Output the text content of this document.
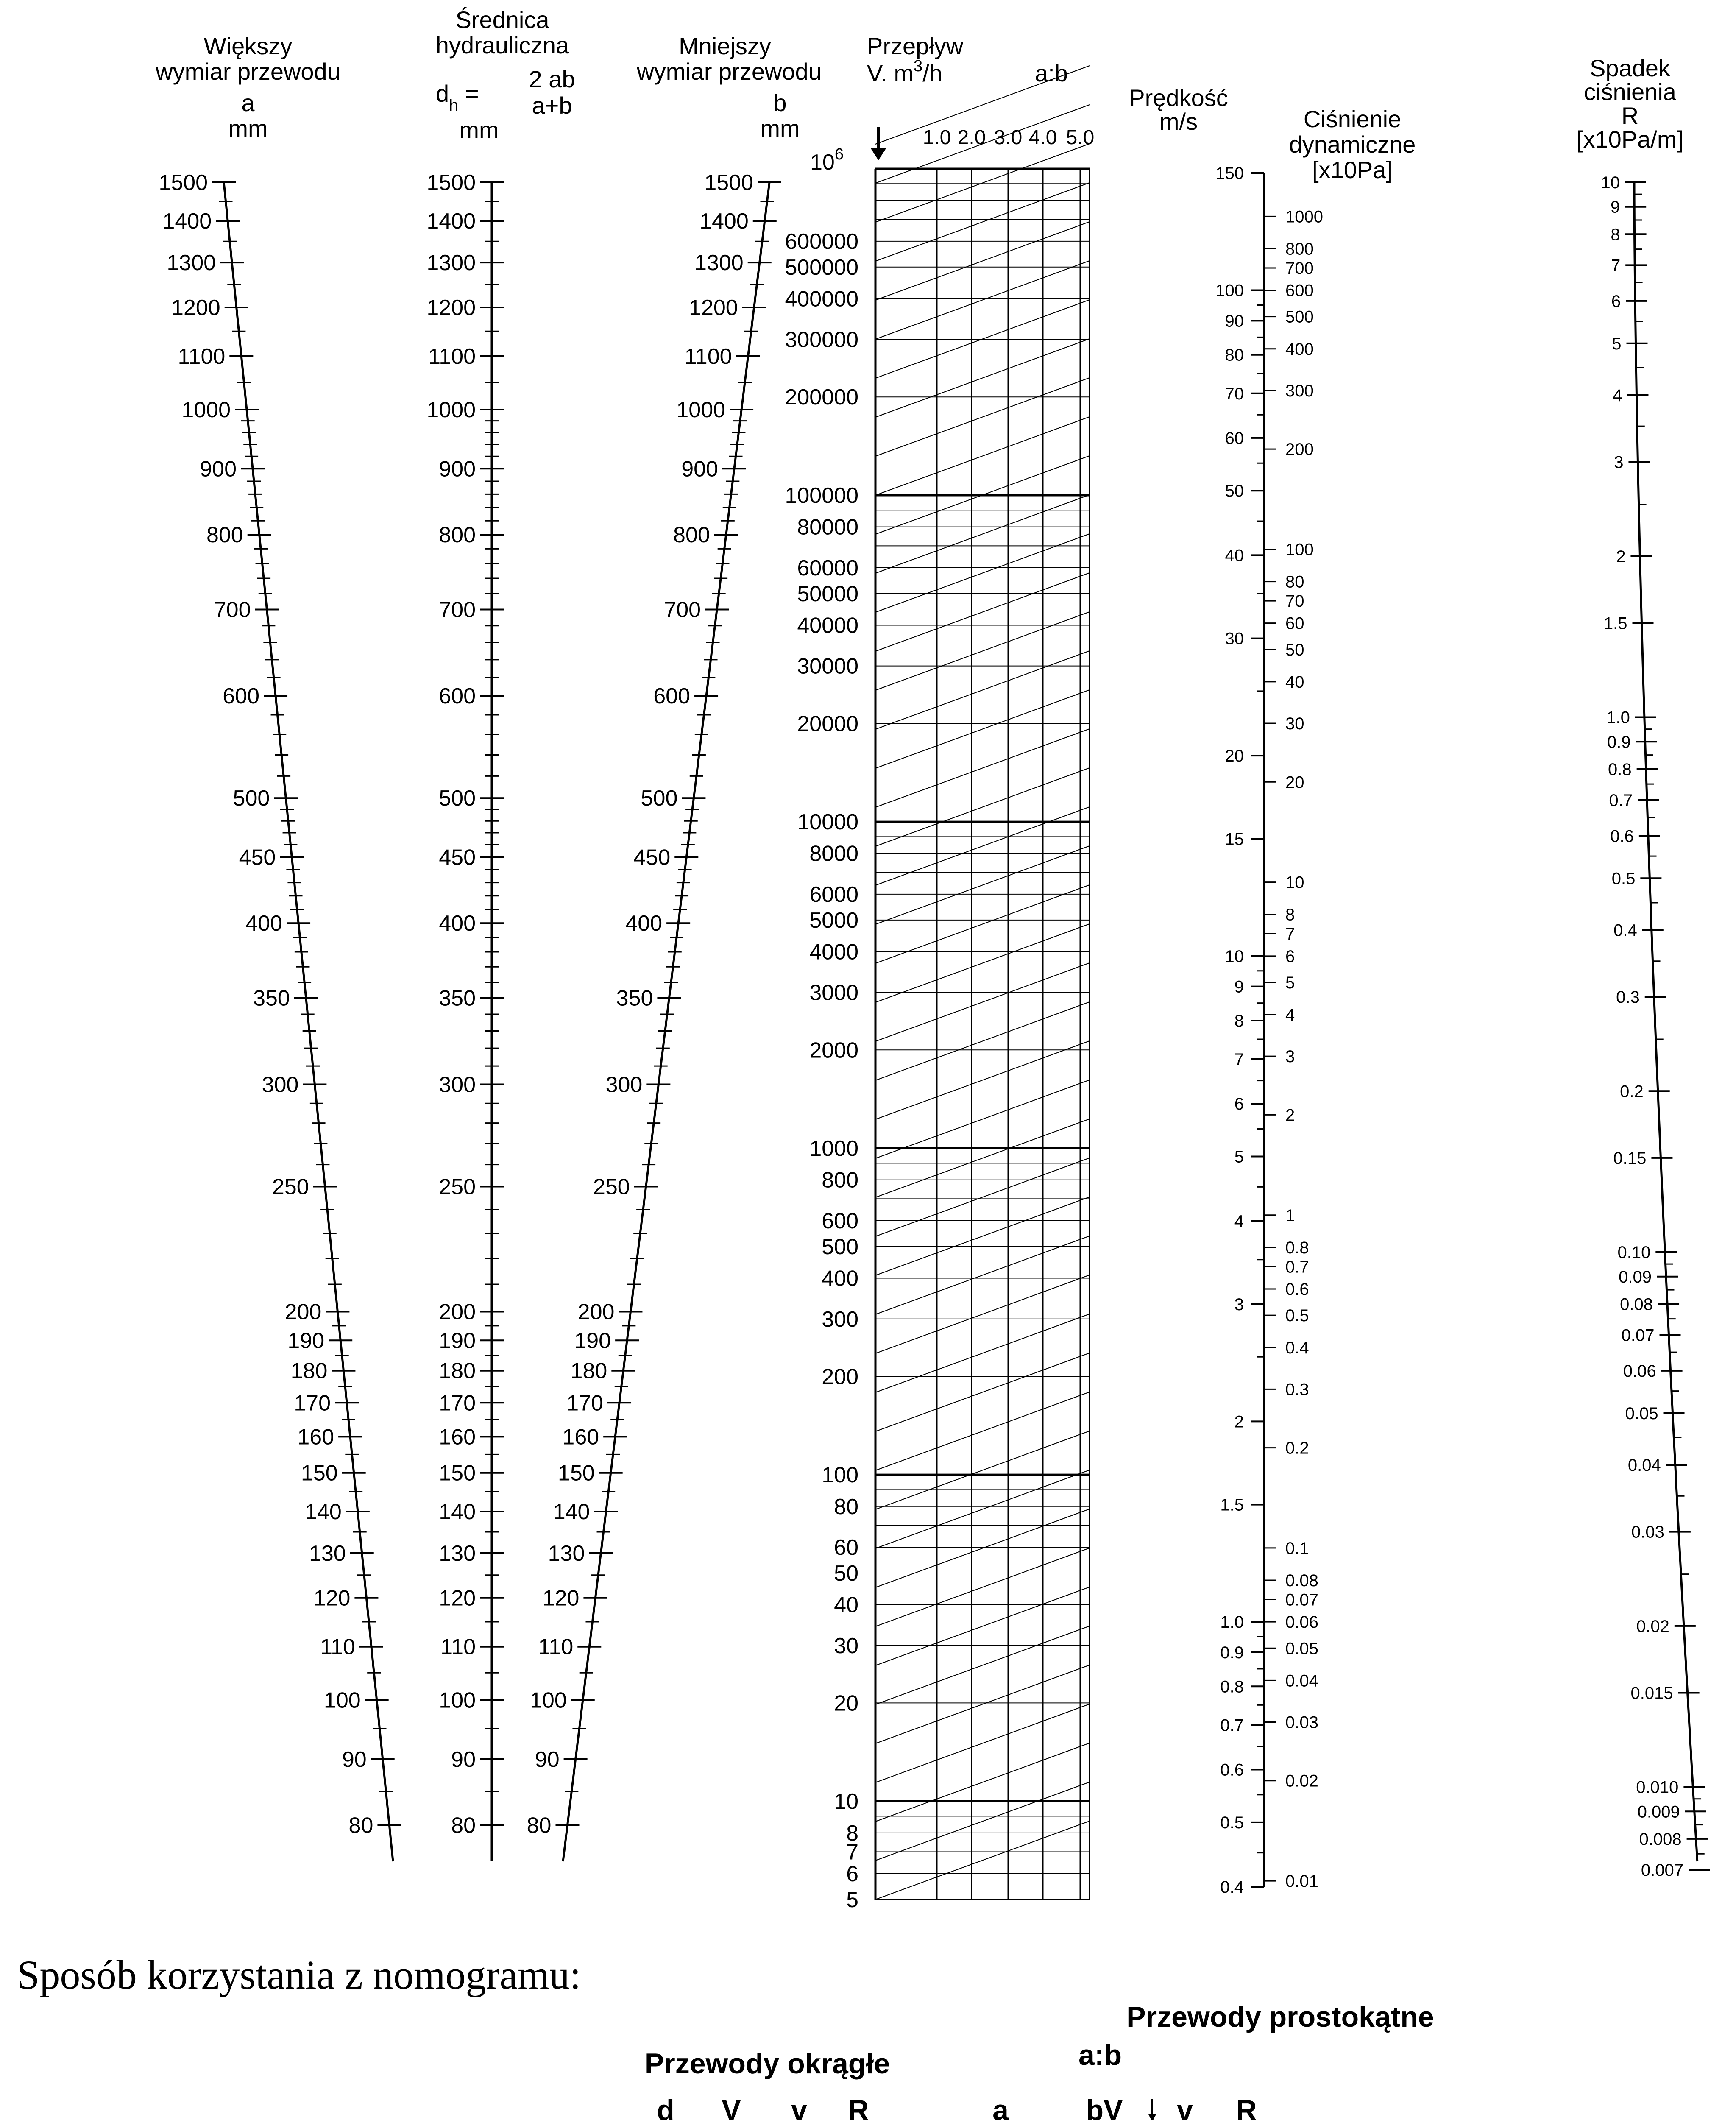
1500
1400
1300
1200
1100
1000
900
800
700
600
500
450
400
350
300
250
200
190
180
170
160
150
140
130
120
110
100
90
80
1500
1400
1300
1200
1100
1000
900
800
700
600
500
450
400
350
300
250
200
190
180
170
160
150
140
130
120
110
100
90
80
1500
1400
1300
1200
1100
1000
900
800
700
600
500
450
400
350
300
250
200
190
180
170
160
150
140
130
120
110
100
90
80
600000
500000
400000
300000
200000
100000
80000
60000
50000
40000
30000
20000
10000
8000
6000
5000
4000
3000
2000
1000
800
600
500
400
300
200
100
80
60
50
40
30
20
10
8
7
6
5
150
100
90
80
70
60
50
40
30
20
15
10
9
8
7
6
5
4
3
2
1.5
1.0
0.9
0.8
0.7
0.6
0.5
0.4
1000
800
700
600
500
400
300
200
100
80
70
60
50
40
30
20
10
8
7
6
5
4
3
2
1
0.8
0.7
0.6
0.5
0.4
0.3
0.2
0.1
0.08
0.07
0.06
0.05
0.04
0.03
0.02
0.01
10
9
8
7
6
5
4
3
2
1.5
1.0
0.9
0.8
0.7
0.6
0.5
0.4
0.3
0.2
0.15
0.10
0.09
0.08
0.07
0.06
0.05
0.04
0.03
0.02
0.015
0.010
0.009
0.008
0.007
Większy
wymiar przewodu
a
mm
Średnica
hydrauliczna
$d_h$ =
2 ab
a+b
mm
Mniejszy
wymiar przewodu
b
mm
Przepływ
V. $m^3/h$	a:b
Prędkość
m/s	Ciśnienie
dynamiczne
[x10Pa]
Spadek
ciśnienia
R
[x10Pa/m]
1.0 2.0 3.0 4.0 5.0
$10^6$
Sposób korzystania z nomogramu:
Przewody prostokątne
a:b
Przewody okrągłe
d V v R	a	bV v R
